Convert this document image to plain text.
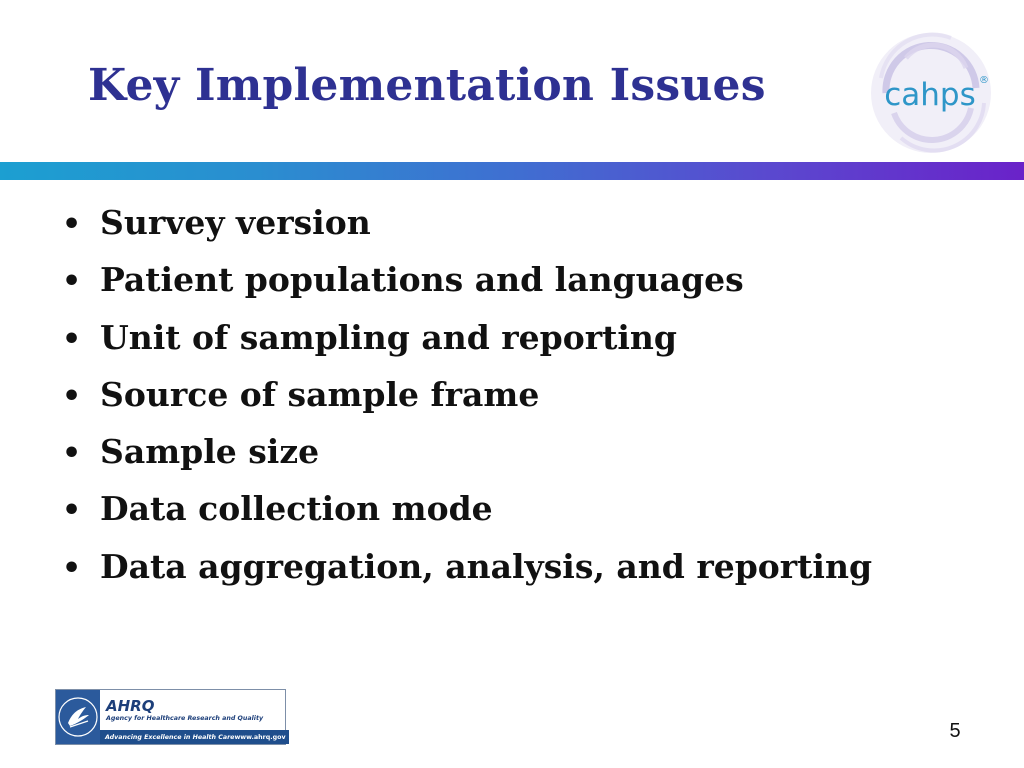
Key Implementation Issues	cahps ®
• Survey version
• Patient populations and languages
• Unit of sampling and reporting
• Source of sample frame
• Sample size
• Data collection mode
• Data aggregation, analysis, and reporting
AHRQ
Agency for Healthcare Research and Quality
Advancing Excellence in Health Care www.ahrq.gov	5
